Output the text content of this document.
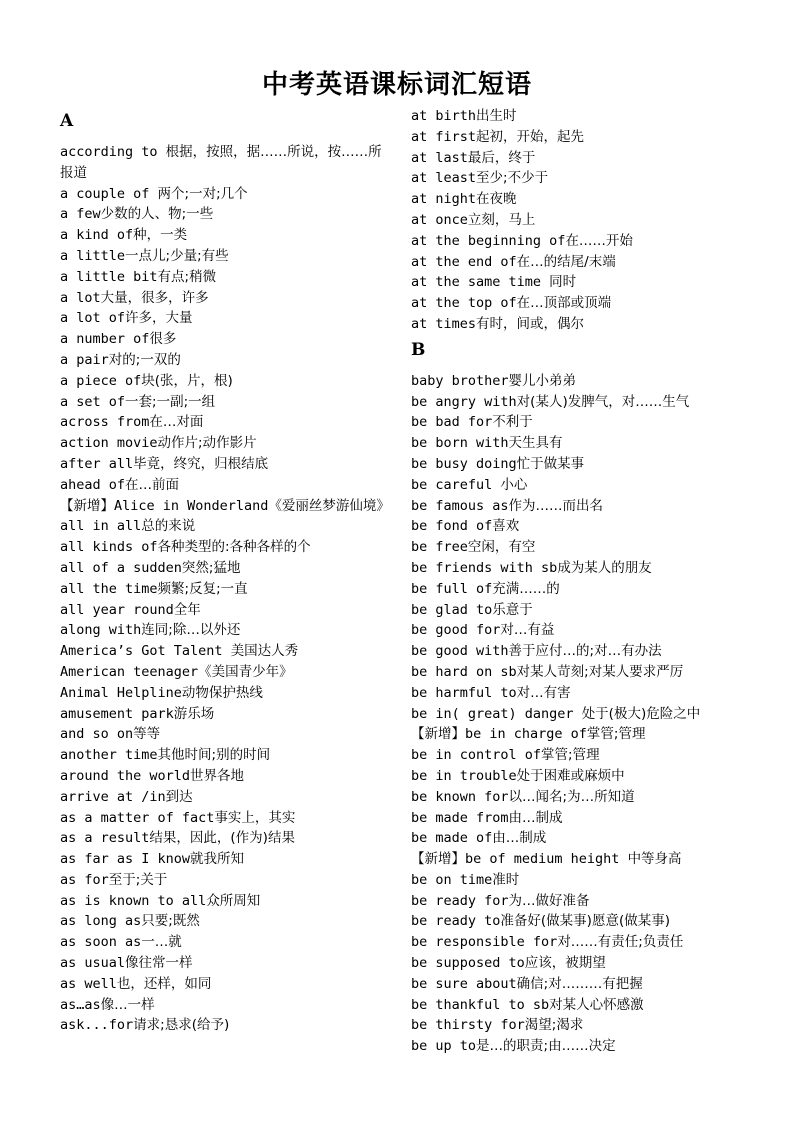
中考英语课标词汇短语
A
according to 根据，按照，据……所说，按……所报道
a couple of 两个;一对;几个
a few少数的人、物;一些
a kind of种，一类
a little一点儿;少量;有些
a little bit有点;稍微
a lot大量，很多，许多
a lot of许多，大量
a number of很多
a pair对的;一双的
a piece of块(张，片，根)
a set of一套;一副;一组
across from在…对面
action movie动作片;动作影片
after all毕竟，终究，归根结底
ahead of在…前面
【新增】Alice in Wonderland《爱丽丝梦游仙境》
all in all总的来说
all kinds of各种类型的:各种各样的个
all of a sudden突然;猛地
all the time频繁;反复;一直
all year round全年
along with连同;除…以外还
America’s Got Talent 美国达人秀
American teenager《美国青少年》
Animal Helpline动物保护热线
amusement park游乐场
and so on等等
another time其他时间;别的时间
around the world世界各地
arrive at /in到达
as a matter of fact事实上，其实
as a result结果，因此，(作为)结果
as far as I know就我所知
as for至于;关于
as is known to all众所周知
as long as只要;既然
as soon as一…就
as usual像往常一样
as well也，还样，如同
as…as像…一样
ask...for请求;恳求(给予)
at birth出生时
at first起初，开始，起先
at last最后，终于
at least至少;不少于
at night在夜晚
at once立刻，马上
at the beginning of在……开始
at the end of在…的结尾/末端
at the same time 同时
at the top of在…顶部或顶端
at times有时，间或，偶尔
B
baby brother婴儿小弟弟
be angry with对(某人)发脾气，对……生气
be bad for不利于
be born with天生具有
be busy doing忙于做某事
be careful 小心
be famous as作为……而出名
be fond of喜欢
be free空闲，有空
be friends with sb成为某人的朋友
be full of充满……的
be glad to乐意于
be good for对…有益
be good with善于应付…的;对…有办法
be hard on sb对某人苛刻;对某人要求严厉
be harmful to对…有害
be in( great) danger 处于(极大)危险之中
【新增】be in charge of掌管;管理
be in control of掌管;管理
be in trouble处于困难或麻烦中
be known for以…闻名;为…所知道
be made from由…制成
be made of由…制成
【新增】be of medium height 中等身高
be on time准时
be ready for为…做好准备
be ready to准备好(做某事)愿意(做某事)
be responsible for对……有责任;负责任
be supposed to应该，被期望
be sure about确信;对………有把握
be thankful to sb对某人心怀感激
be thirsty for渴望;渴求
be up to是…的职责;由……决定
